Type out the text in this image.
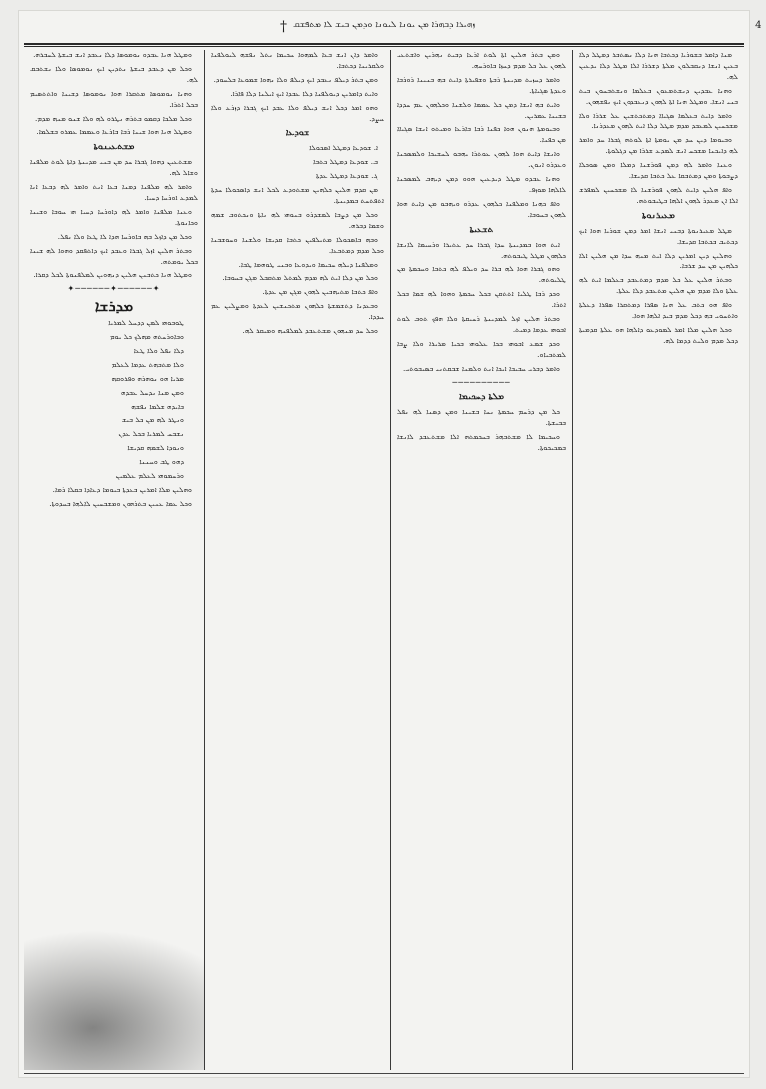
† ܙܗܝܪܐ ܕܒܗܪܐ ܡܢ ܝܘܢܐ ܠܝܘܢܐ ܘܕܡܢ ܒܝܫ ܠܐ ܡܬܦܫܩ	4

ܘܡܛܠ ܗܢܐ ܥܒܕܘ ܢܘܡܘܣܐ ܕܠܐ ܢܥܒܕ ܐܢܫ ܒܝܫܬܐ ܠܚܒܪܗ.

ܘܟܠ ܡܢ ܕܥܒܕ ܒܝܫܬܐ ܢܬܕܝܢ ܐܝܟ ܢܘܡܘܣܐ ܘܠܐ ܢܫܬܒܩ ܠܗ.

ܘܗܢܐ ܢܘܡܘܣܐ ܡܬܩܪܐ ܗܘܐ ܢܘܡܘܣܐ ܕܫܝܢܐ ܘܐܬܬܣܝܡ ܒܟܠ ܐܬܪܐ.

ܘܟܠ ܡܠܟܐ ܕܩܡܘ ܒܬܪܗ ܢܛܪܘ ܠܗ ܘܠܐ ܫܢܘ ܡܢܗ ܡܕܡ.

ܘܡܛܠ ܗܢܐ ܗܘܐ ܫܝܢܐ ܪܒܐ ܒܐܪܥܐ ܘܥܡܡܐ ܥܡܪܘ ܒܫܠܡܐ.

ܡܫܬܥܝܢܘܬܐ

ܡܫܬܥܝܢ ܕܗܘܐ ܓܒܪܐ ܚܕ ܡܢ ܒܢܝ ܡܕܝܢܬܐ ܕܐܬܐ ܠܘܬ ܡܠܦܢܐ ܘܫܐܠ ܠܗ.

ܘܐܡܪ ܠܗ ܡܠܦܢܐ ܕܡܢܐ ܒܥܐ ܐܢܬ ܘܐܡܪ ܠܗ ܕܒܥܐ ܐܢܐ ܠܡܕܥ ܐܘܪܚܐ ܕܚܝܐ.

ܘܥܢܐ ܡܠܦܢܐ ܘܐܡܪ ܠܗ ܕܐܘܪܚܐ ܕܚܝܐ ܗܝ ܚܘܒܐ ܘܫܝܢܐ ܘܟܐܢܘܬܐ.

ܘܟܠ ܡܢ ܕܐܙܠ ܒܗ ܒܐܘܪܚܐ ܗܕܐ ܠܐ ܛܥܐ ܘܠܐ ܢܦܠ.

ܘܒܬܪ ܗܠܝܢ ܐܙܠ ܓܒܪܐ ܘܥܒܕ ܐܝܟ ܕܐܬܦܩܕ ܘܗܘܐ ܠܗ ܫܝܢܐ ܒܟܠ ܝܘܡܬܗ.

ܘܡܛܠ ܗܢܐ ܟܬܒܢܢ ܗܠܝܢ ܕܢܗܘܝܢ ܠܡܠܦܢܘܬܐ ܠܟܠ ܕܩܪܐ.

✦──────✦──────✦
ܡܕܪܫܐ

ܛܘܒܘܗܝ ܠܡܢ ܕܕܚܠ ܠܡܪܝܐ

ܘܒܐܘܪܚܬܗ ܡܗܠܟ ܟܠ ܝܘܡ

ܕܠܐ ܢܦܠ ܘܠܐ ܛܥܐ

ܘܠܐ ܡܬܒܗܬ ܥܕܡܐ ܠܥܠܡ

ܡܪܝܐ ܗܘ ܢܘܗܪܗ ܘܦܪܘܩܗ

ܘܡܢ ܡܢܐ ܢܕܚܠ ܥܒܕܗ

ܒܐܝܕܗ ܫܠܡܐ ܢܦܫܗ

ܘܢܛܪ ܠܗ ܡܢ ܟܠ ܒܝܫ

ܢܫܒܚ ܠܡܪܝܐ ܒܟܠ ܥܕܢ

ܘܢܘܕܐ ܠܫܡܗ ܩܕܝܫܐ

ܕܗܘ ܛܒ ܘܚܢܢܐ

ܘܪܚܡܘܗܝ ܠܥܠܡ ܥܠܡܝܢ

ܘܗܠܝܢ ܡܠܐ ܐܡܪܝܢ ܒܥܕܬܐ ܒܝܘܡܐ ܕܥܐܕܐ ܒܩܠܐ ܪܡܐ.

ܘܟܠ ܥܡܐ ܥܢܝܢ ܒܬܪܗܘܢ ܘܡܫܒܚܝܢ ܠܐܠܗܐ ܒܚܕܘܬܐ.

ܘܐܡܪ ܕܐܢ ܐܢܫ ܒܥܐ ܠܡܗܘܐ ܚܟܝܡܐ ܢܬܠ ܢܦܫܗ ܠܝܘܠܦܢܐ ܘܠܩܪܝܢܐ ܕܟܬܒܐ.

ܘܡܢ ܒܬܪ ܕܝܠܦ ܢܥܒܕ ܐܝܟ ܕܝܠܦ ܘܠܐ ܢܗܘܐ ܫܡܘܥܐ ܒܠܚܘܕ.

ܘܐܝܬ ܕܐܡܪܝܢ ܕܝܘܠܦܢܐ ܕܠܐ ܥܒܕܐ ܐܝܟ ܐܝܠܢܐ ܕܠܐ ܦܐܪܐ.

ܘܗܘ ܐܡܪ ܕܟܠ ܐܢܫ ܕܝܠܦ ܘܠܐ ܥܒܕ ܐܝܟ ܓܒܪܐ ܕܙܪܥ ܘܠܐ ܚܨܕ.

ܫܘܕܥܐ

ܐ. ܫܘܕܥܐ ܕܡܛܠ ܐܣܟܘܠܐ

ܒ. ܫܘܕܥܐ ܕܡܛܠ ܟܬܒܐ

ܓ. ܫܘܕܥܐ ܕܡܛܠ ܥܕܬܐ

ܡܢ ܩܕܡ ܗܠܝܢ ܟܠܗܝܢ ܡܫܬܘܕܥ ܠܟܠ ܐܢܫ ܕܐܣܟܘܠܐ ܚܕܬܐ ܐܬܦܬܚܬ ܒܡܕܝܢܬܐ.

ܘܟܠ ܡܢ ܕܨܒܐ ܠܡܫܕܪܘ ܒܢܘܗܝ ܠܗ ܢܐܬܐ ܘܢܟܬܘܒ ܫܡܗ ܘܫܡܐ ܕܒܪܗ.

ܘܒܗ ܒܐܣܟܘܠܐ ܡܬܝܠܦܝܢ ܟܬܒܐ ܩܕܝܫܐ ܘܠܫܢܐ ܘܚܘܫܒܢܐ ܘܟܠ ܡܕܡ ܕܡܬܒܥܐ.

ܘܡܠܦܢܐ ܕܝܠܗ ܚܟܝܡܐ ܘܝܕܘܥܐ ܘܒܢܝ ܛܘܗܡܐ ܛܒܐ.

ܘܟܠ ܡܢ ܕܠܐ ܐܝܬ ܠܗ ܡܕܡ ܠܡܬܠ ܡܬܩܒܠ ܡܓܢ ܒܚܘܒܐ.

ܘܐܦ ܟܬܒܐ ܡܬܝܗܒܝܢ ܠܗܘܢ ܡܓܢ ܡܢ ܥܕܬܐ.

ܘܒܥܕܢܐ ܕܬܫܡܫܬܐ ܟܠܗܘܢ ܡܬܟܢܫܝܢ ܠܥܕܬܐ ܘܡܨܠܝܢ ܥܡ ܚܕܕܐ.

ܘܟܠ ܚܕ ܡܢܗܘܢ ܡܫܬܥܒܕ ܠܡܠܦܢܗ ܘܡܝܩܪ ܠܗ.

ܘܡܢ ܒܬܪ ܗܠܝܢ ܐܬܐ ܠܘܬ ܐܪܥܐ ܕܒܝܬ ܢܗܪܝܢ ܘܐܫܬܥܝ ܠܗܘܢ ܥܠ ܟܠ ܡܕܡ ܕܚܙܐ ܒܐܘܪܚܗ.

ܘܐܡܪ ܕܚܙܝܬ ܡܕܝܢܬܐ ܪܒܬܐ ܘܫܦܝܪܬܐ ܕܐܝܬ ܒܗ ܒܢܝܢܐ ܪܘܪܒܐ ܘܥܕܬܐ ܣܓܝܐܬܐ.

ܘܐܝܬ ܒܗ ܐܢܫܐ ܕܡܢ ܟܠ ܥܡܡܐ ܘܠܫܢܐ ܘܟܠܗܘܢ ܥܡ ܚܕܕܐ ܒܫܝܢܐ ܥܡܪܝܢ.

ܘܒܝܘܡܬܐ ܗܢܘܢ ܗܘܐ ܟܦܢܐ ܪܒܐ ܒܐܪܥܐ ܘܡܝܬܘ ܐܢܫܐ ܣܓܝܐܐ ܡܢ ܟܦܢܐ.

ܘܐܢܫܐ ܕܐܝܬ ܗܘܐ ܠܗܘܢ ܥܘܬܪܐ ܝܗܒܘ ܠܚܫܝܟܐ ܘܠܡܣܟܢܐ ܘܥܕܪܘ ܐܢܘܢ.

ܘܗܢܐ ܥܒܕܘ ܡܛܠ ܕܝܕܥܝܢ ܗܘܘ ܕܡܢ ܕܝܗܒ ܠܡܣܟܢܐ ܠܐܠܗܐ ܡܘܙܦ.

ܘܐܦ ܟܗܢܐ ܘܡܠܦܢܐ ܟܠܗܘܢ ܥܕܪܘ ܘܝܗܒܘ ܡܢ ܕܐܝܬ ܗܘܐ ܠܗܘܢ ܒܚܘܒܐ.

ܬܫܥܝܬܐ

ܐܝܬ ܗܘܐ ܒܡܕܝܢܬܐ ܚܕܐ ܓܒܪܐ ܚܕ ܥܬܝܪܐ ܘܪܚܝܡܐ ܠܐܢܫܐ ܟܠܗܘܢ ܡܛܠ ܛܝܒܘܬܗ.

ܘܗܘ ܓܒܪܐ ܗܘܐ ܠܗ ܒܪܐ ܚܕ ܘܝܠܦ ܠܗ ܟܬܒܐ ܘܚܟܡܬܐ ܡܢ ܛܠܝܘܬܗ.

ܘܟܕ ܪܒܐ ܛܠܝܐ ܐܬܬܩܢ ܒܟܠ ܚܟܡܬܐ ܘܗܘܐ ܠܗ ܫܡܐ ܒܟܠ ܐܬܪܐ.

ܘܒܬܪ ܗܠܝܢ ܐܙܠ ܠܡܕܝܢܬܐ ܪܚܝܩܬܐ ܘܠܐ ܗܦܟ ܬܘܒ ܠܘܬ ܐܒܘܗܝ ܥܕܡܐ ܕܡܝܬ.

ܘܟܕ ܫܡܥ ܐܒܘܗܝ ܒܟܐ ܥܠܘܗܝ ܒܟܝܐ ܡܪܝܪܐ ܘܠܐ ܨܒܐ ܠܡܬܒܝܐܘ.

ܘܐܡܪ ܕܒܪܝ ܚܒܝܒܐ ܐܝܟܐ ܐܢܬ ܘܠܡܢܐ ܫܒܩܬܢܝ ܒܣܝܒܘܬܝ.

──────────
ܡܠܬܐ ܕܚܟܝܡܐ

ܟܠ ܡܢ ܕܪܚܡ ܚܟܡܬܐ ܢܚܐ ܒܫܝܢܐ ܘܡܢ ܕܣܢܐ ܠܗ ܢܦܠ ܒܒܝܫܬܐ.

ܘܚܟܝܡܐ ܠܐ ܡܫܬܒܗܪ ܒܚܟܡܬܗ ܐܠܐ ܡܫܬܥܒܕ ܠܐܢܫܐ ܒܡܟܝܟܘܬܐ.

ܡܢܐ ܕܐܡܪ ܒܫܘܪܝܐ ܕܟܬܒܐ ܗܢܐ ܕܠܐ ܢܣܬܒܪ ܕܡܛܠ ܕܠܐ ܒܥܝܢ ܐܢܫܐ ܕܢܩܒܠܘܢ ܡܠܬܐ ܕܫܪܪܐ ܐܠܐ ܡܛܠ ܕܠܐ ܝܕܥܝܢ ܠܗ.

ܘܗܢܐ ܥܒܕܝܢ ܕܢܫܬܡܥܘܢ ܒܥܠܡܐ ܘܢܫܬܒܚܘܢ ܒܝܬ ܒܢܝ ܐܢܫܐ. ܘܡܛܠ ܗܢܐ ܐܬܐ ܠܗܘܢ ܕܢܥܒܕܘܢ ܐܝܟ ܢܦܫܗܘܢ.

ܘܐܡܪ ܕܐܝܬ ܒܥܠܡܐ ܣܓܝܐܐ ܕܡܬܟܬܫܝܢ ܥܠ ܫܪܪܐ ܘܠܐ ܡܫܟܚܝܢ ܠܡܥܒܕ ܡܕܡ ܡܛܠ ܕܠܐ ܐܝܬ ܠܗܘܢ ܡܥܕܪܢܐ.

ܘܒܝܘܡܐ ܕܝܢ ܚܕ ܡܢ ܝܘܡܬܐ ܐܬܐ ܠܘܬܗ ܓܒܪܐ ܚܕ ܘܐܡܪ ܠܗ ܕܐܝܟܢܐ ܡܫܟܚ ܐܢܫ ܠܡܕܥ ܫܪܪܐ ܡܢ ܕܓܠܘܬܐ.

ܘܥܢܐ ܘܐܡܪ ܠܗ ܕܡܢ ܦܘܪܫܢܐ ܕܡܠܐ ܘܡܢ ܣܘܟܠܐ ܕܨܒܘܬܐ ܘܡܢ ܕܡܬܒܩܐ ܥܠ ܟܬܒܐ ܩܕܝܫܐ.

ܘܐܦ ܗܠܝܢ ܕܐܝܬ ܠܗܘܢ ܦܘܪܫܢܐ ܠܐ ܡܫܟܚܝܢ ܠܡܦܪܫ ܐܠܐ ܐܢ ܡܥܕܪ ܠܗܘܢ ܐܠܗܐ ܒܛܝܒܘܬܗ.

ܡܥܝܪܢܘܬܐ

ܡܛܠ ܡܥܝܪܢܘܬܐ ܕܒܢܝ ܐܢܫܐ ܐܡܪ ܕܡܢ ܫܘܪܝܐ ܗܘܐ ܐܝܟ ܕܟܬܝܒ ܒܟܬܒܐ ܩܕܝܫܐ.

ܘܗܠܝܢ ܕܝܢ ܐܡܪܝܢ ܕܠܐ ܐܝܬ ܡܢܗ ܚܕܐ ܡܢ ܗܠܝܢ ܐܠܐ ܟܠܗܝܢ ܡܢ ܚܕ ܫܪܒܐ.

ܘܒܬܪ ܗܠܝܢ ܥܠ ܟܠ ܡܕܡ ܕܡܬܥܒܕ ܒܥܠܡܐ ܐܝܬ ܠܗ ܥܠܬܐ ܘܠܐ ܡܕܡ ܡܢ ܗܠܝܢ ܡܬܥܒܕ ܕܠܐ ܥܠܬܐ.

ܘܐܦ ܗܘ ܟܬܒ ܥܠ ܗܢܐ ܣܦܪܐ ܕܡܬܩܪܐ ܣܦܪܐ ܕܥܠܬܐ ܘܐܬܚܘܝ ܒܗ ܕܟܠ ܡܕܡ ܒܝܕ ܐܠܗܐ ܗܘܐ.

ܘܟܠ ܗܠܝܢ ܡܠܐ ܐܡܪ ܠܡܘܕܥܘ ܕܐܠܗܐ ܗܘ ܥܠܬܐ ܩܕܡܝܬܐ ܕܟܠ ܡܕܡ ܘܠܝܬ ܕܕܡܐ ܠܗ.
